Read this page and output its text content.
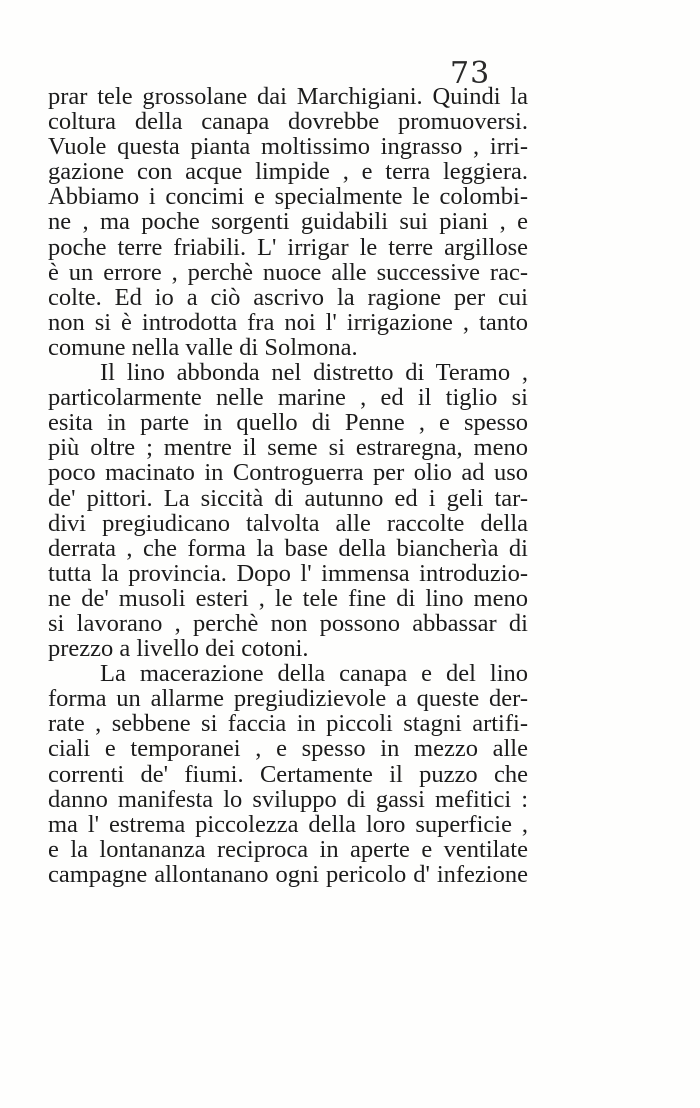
73
prar tele grossolane dai Marchigiani. Quindi la
coltura della canapa dovrebbe promuoversi.
Vuole questa pianta moltissimo ingrasso , irri-
gazione con acque limpide , e terra leggiera.
Abbiamo i concimi e specialmente le colombi-
ne , ma poche sorgenti guidabili sui piani , e
poche terre friabili. L' irrigar le terre argillose
è un errore , perchè nuoce alle successive rac-
colte. Ed io a ciò ascrivo la ragione per cui
non si è introdotta fra noi l' irrigazione , tanto
comune nella valle di Solmona.
Il lino abbonda nel distretto di Teramo ,
particolarmente nelle marine , ed il tiglio si
esita in parte in quello di Penne , e spesso
più oltre ; mentre il seme si estraregna, meno
poco macinato in Controguerra per olio ad uso
de' pittori. La siccità di autunno ed i geli tar-
divi pregiudicano talvolta alle raccolte della
derrata , che forma la base della biancherìa di
tutta la provincia. Dopo l' immensa introduzio-
ne de' musoli esteri , le tele fine di lino meno
si lavorano , perchè non possono abbassar di
prezzo a livello dei cotoni.
La macerazione della canapa e del lino
forma un allarme pregiudizievole a queste der-
rate , sebbene si faccia in piccoli stagni artifi-
ciali e temporanei , e spesso in mezzo alle
correnti de' fiumi. Certamente il puzzo che
danno manifesta lo sviluppo di gassi mefitici :
ma l' estrema piccolezza della loro superficie ,
e la lontananza reciproca in aperte e ventilate
campagne allontanano ogni pericolo d' infezione
